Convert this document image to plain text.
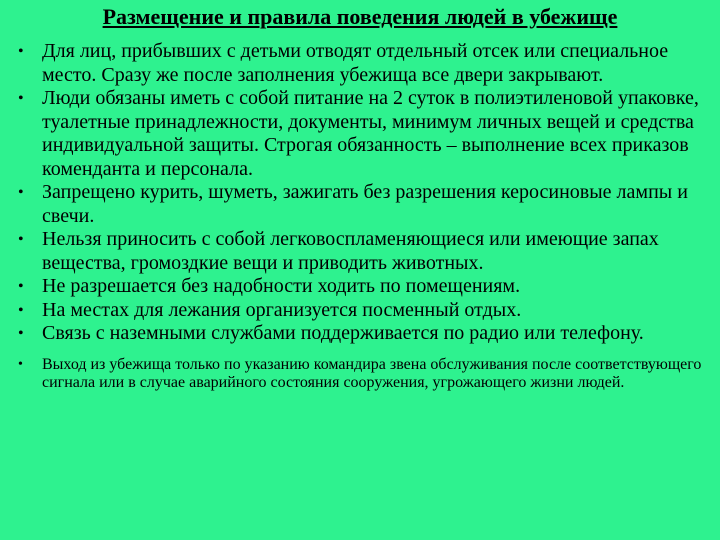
Размещение и правила поведения людей в убежище
• Для лиц, прибывших с детьми отводят отдельный отсек или специальное место. Сразу же после заполнения убежища все двери закрывают.
• Люди обязаны иметь с собой питание на 2 суток в полиэтиленовой упаковке, туалетные принадлежности, документы, минимум личных вещей и средства индивидуальной защиты. Строгая обязанность – выполнение всех приказов коменданта и персонала.
• Запрещено курить, шуметь, зажигать без разрешения керосиновые лампы и свечи.
• Нельзя приносить с собой легковоспламеняющиеся или имеющие запах вещества, громоздкие вещи и приводить животных.
• Не разрешается без надобности ходить по помещениям.
• На местах для лежания организуется посменный отдых.
• Связь с наземными службами поддерживается по радио или телефону.
• Выход из убежища только по указанию командира звена обслуживания после соответствующего сигнала или в случае аварийного состояния сооружения, угрожающего жизни людей.
